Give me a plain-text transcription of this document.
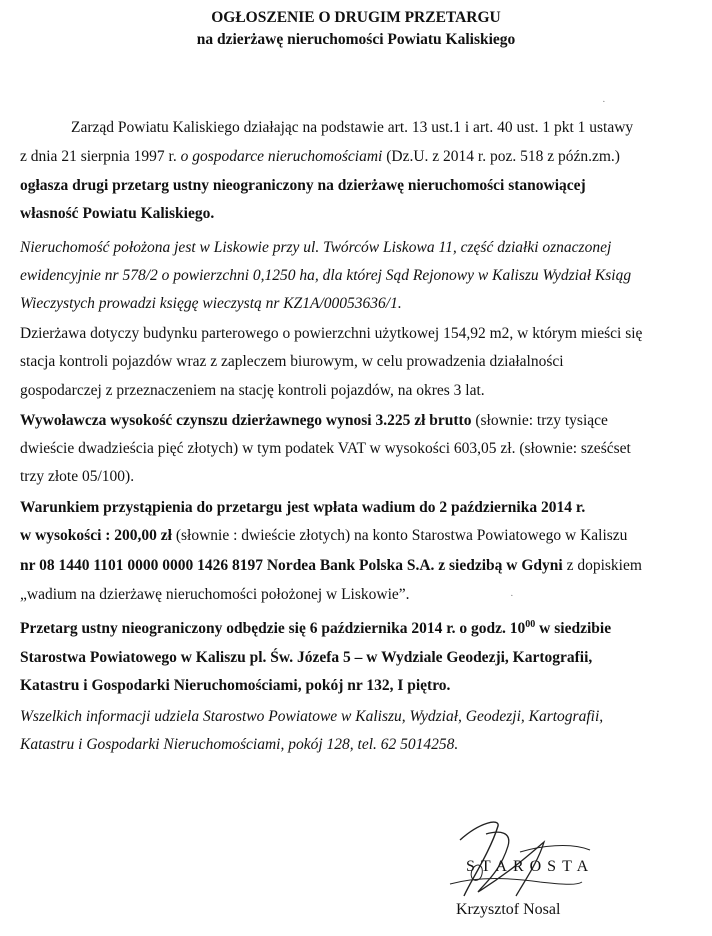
OGŁOSZENIE O DRUGIM PRZETARGU
na dzierżawę nieruchomości Powiatu Kaliskiego
Zarząd Powiatu Kaliskiego działając na podstawie art. 13 ust.1 i art. 40 ust. 1 pkt 1 ustawy
z dnia 21 sierpnia 1997 r. o gospodarce nieruchomościami (Dz.U. z 2014 r. poz. 518 z późn.zm.)
ogłasza drugi przetarg ustny nieograniczony na dzierżawę nieruchomości stanowiącej
własność Powiatu Kaliskiego.
Nieruchomość położona jest w Liskowie przy ul. Twórców Liskowa 11, część działki oznaczonej
ewidencyjnie nr 578/2 o powierzchni 0,1250 ha, dla której Sąd Rejonowy w Kaliszu Wydział Ksiąg
Wieczystych prowadzi księgę wieczystą nr KZ1A/00053636/1.
Dzierżawa dotyczy budynku parterowego o powierzchni użytkowej 154,92 m2, w którym mieści się
stacja kontroli pojazdów wraz z zapleczem biurowym, w celu prowadzenia działalności
gospodarczej z przeznaczeniem na stację kontroli pojazdów, na okres 3 lat.
Wywoławcza wysokość czynszu dzierżawnego wynosi 3.225 zł brutto (słownie: trzy tysiące
dwieście dwadzieścia pięć złotych) w tym podatek VAT w wysokości 603,05 zł. (słownie: sześćset
trzy złote 05/100).
Warunkiem przystąpienia do przetargu jest wpłata wadium do 2 października 2014 r.
w wysokości : 200,00 zł (słownie : dwieście złotych) na konto Starostwa Powiatowego w Kaliszu
nr 08 1440 1101 0000 0000 1426 8197 Nordea Bank Polska S.A. z siedzibą w Gdyni z dopiskiem
„wadium na dzierżawę nieruchomości położonej w Liskowie”.
Przetarg ustny nieograniczony odbędzie się 6 października 2014 r. o godz. $10^{00}$ w siedzibie
Starostwa Powiatowego w Kaliszu pl. Św. Józefa 5 – w Wydziale Geodezji, Kartografii,
Katastru i Gospodarki Nieruchomościami, pokój nr 132, I piętro.
Wszelkich informacji udziela Starostwo Powiatowe w Kaliszu, Wydział, Geodezji, Kartografii,
Katastru i Gospodarki Nieruchomościami, pokój 128, tel. 62 5014258.
·
·
STAROSTA
Krzysztof Nosal
